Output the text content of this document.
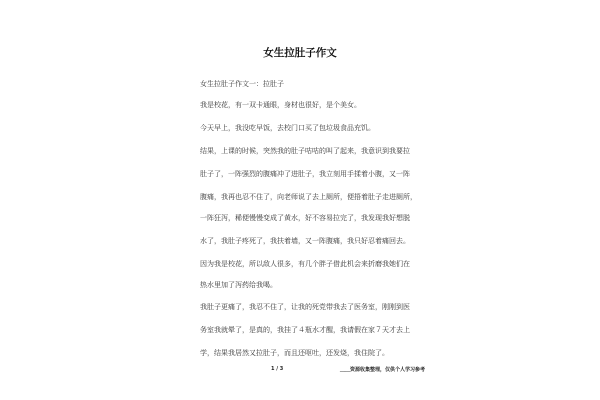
女生拉肚子作文
女生拉肚子作文一：拉肚子
我是校花，有一双卡通眼，身材也很好，是个美女。
今天早上，我没吃早饭，去校门口买了包垃圾食品充饥。
结果，上课的时候，突然我的肚子咕咕的叫了起来，我意识到我要拉
肚子了，一阵强烈的腹痛冲了进肚子，我立刻用手揉着小腹，又一阵
腹痛，我再也忍不住了，向老师说了去上厕所，便捂着肚子走进厕所，
一阵狂泻，稀便慢慢变成了黄水，好不容易拉完了，我发现我好想脱
水了，我肚子疼死了，我扶着墙，又一阵腹痛，我只好忍着痛回去。
因为我是校花，所以敌人很多，有几个胖子借此机会来折磨我她们在
热水里加了泻药给我喝。
我肚子更痛了，我忍不住了，让我的死党带我去了医务室，刚刚到医
务室我就晕了，是真的，我挂了４瓶水才醒，我请假在家７天才去上
学，结果我居然又拉肚子，而且还呕吐，还发烧，我住院了。
1 / 3	＿＿资源收集整理，仅供个人学习参考
